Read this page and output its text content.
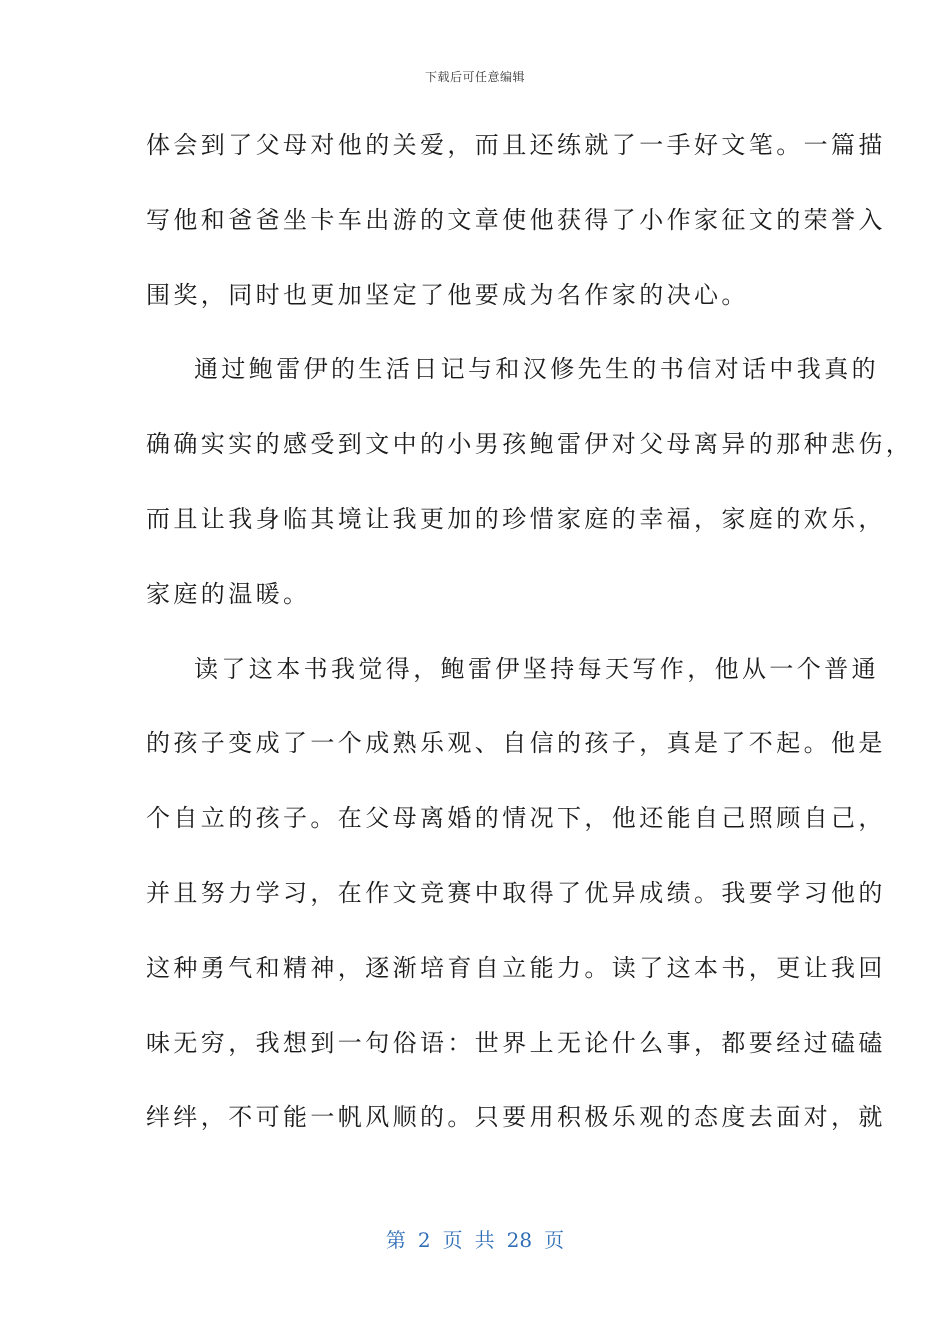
下载后可任意编辑
体会到了父母对他的关爱，而且还练就了一手好文笔。一篇描
写他和爸爸坐卡车出游的文章使他获得了小作家征文的荣誉入
围奖，同时也更加坚定了他要成为名作家的决心。
通过鲍雷伊的生活日记与和汉修先生的书信对话中我真的
确确实实的感受到文中的小男孩鲍雷伊对父母离异的那种悲伤，
而且让我身临其境让我更加的珍惜家庭的幸福，家庭的欢乐，
家庭的温暖。
读了这本书我觉得，鲍雷伊坚持每天写作，他从一个普通
的孩子变成了一个成熟乐观、自信的孩子，真是了不起。他是
个自立的孩子。在父母离婚的情况下，他还能自己照顾自己，
并且努力学习，在作文竞赛中取得了优异成绩。我要学习他的
这种勇气和精神，逐渐培育自立能力。读了这本书，更让我回
味无穷，我想到一句俗语：世界上无论什么事，都要经过磕磕
绊绊，不可能一帆风顺的。只要用积极乐观的态度去面对，就
第 2 页 共 28 页
